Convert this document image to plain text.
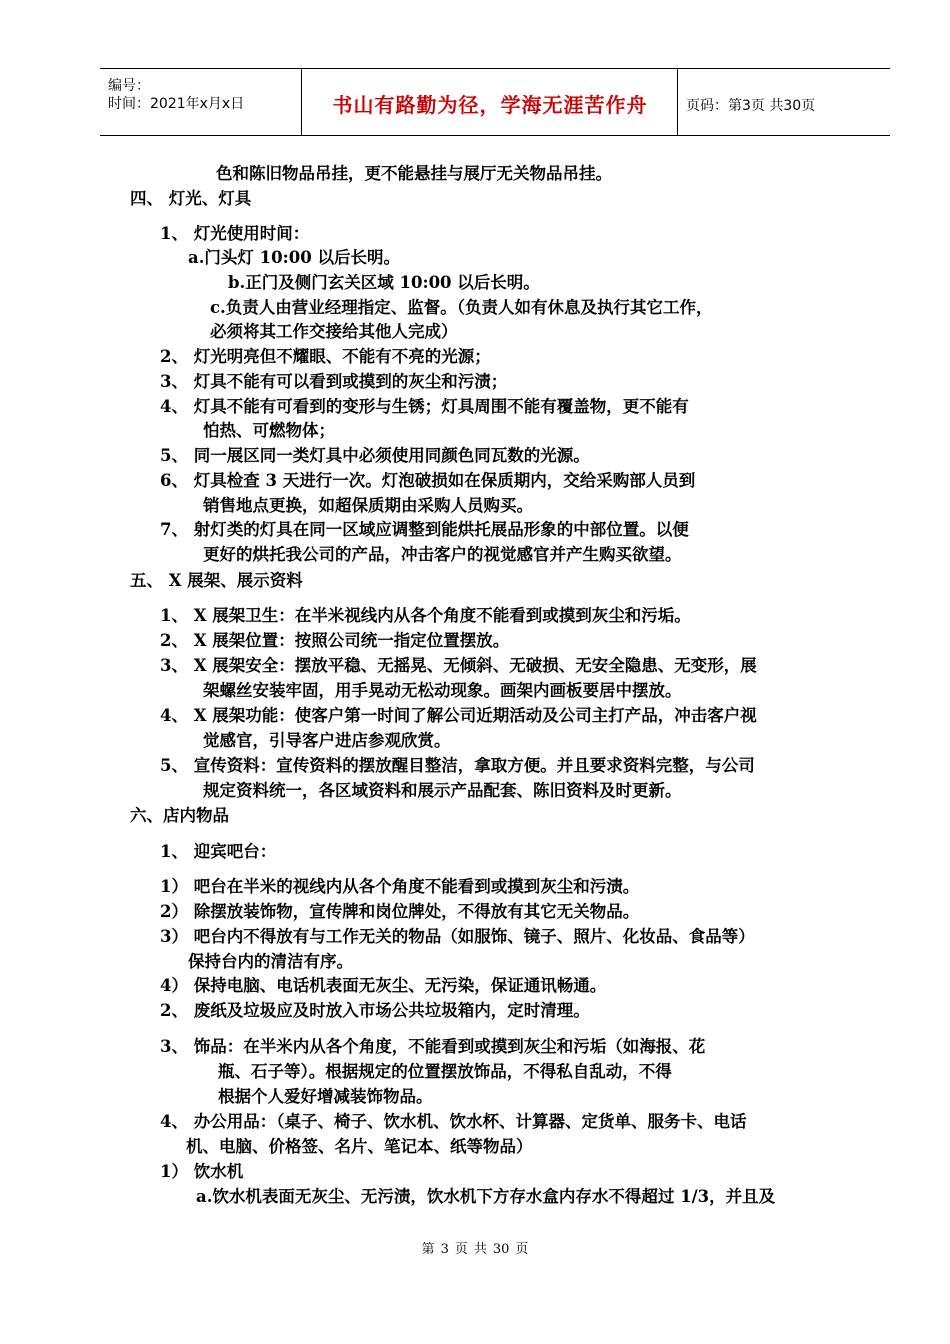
编号：
时间：2021年x月x日	书山有路勤为径，学海无涯苦作舟	页码：第3页 共30页
色和陈旧物品吊挂，更不能悬挂与展厅无关物品吊挂。
四、 灯光、灯具
1、 灯光使用时间：
a.门头灯 10:00 以后长明。
b.正门及侧门玄关区域 10:00 以后长明。
c.负责人由营业经理指定、监督。（负责人如有休息及执行其它工作，
必须将其工作交接给其他人完成）
2、 灯光明亮但不耀眼、不能有不亮的光源；
3、 灯具不能有可以看到或摸到的灰尘和污渍；
4、 灯具不能有可看到的变形与生锈；灯具周围不能有覆盖物，更不能有
怕热、可燃物体；
5、 同一展区同一类灯具中必须使用同颜色同瓦数的光源。
6、 灯具检查 3 天进行一次。灯泡破损如在保质期内，交给采购部人员到
销售地点更换，如超保质期由采购人员购买。
7、 射灯类的灯具在同一区域应调整到能烘托展品形象的中部位置。以便
更好的烘托我公司的产品，冲击客户的视觉感官并产生购买欲望。
五、 X 展架、展示资料
1、 X 展架卫生：在半米视线内从各个角度不能看到或摸到灰尘和污垢。
2、 X 展架位置：按照公司统一指定位置摆放。
3、 X 展架安全：摆放平稳、无摇晃、无倾斜、无破损、无安全隐患、无变形，展
架螺丝安装牢固，用手晃动无松动现象。画架内画板要居中摆放。
4、 X 展架功能：使客户第一时间了解公司近期活动及公司主打产品，冲击客户视
觉感官，引导客户进店参观欣赏。
5、 宣传资料：宣传资料的摆放醒目整洁，拿取方便。并且要求资料完整，与公司
规定资料统一，各区域资料和展示产品配套、陈旧资料及时更新。
六、店内物品
1、 迎宾吧台：
1） 吧台在半米的视线内从各个角度不能看到或摸到灰尘和污渍。
2） 除摆放装饰物，宣传牌和岗位牌处，不得放有其它无关物品。
3） 吧台内不得放有与工作无关的物品（如服饰、镜子、照片、化妆品、食品等）
保持台内的清洁有序。
4） 保持电脑、电话机表面无灰尘、无污染，保证通讯畅通。
2、 废纸及垃圾应及时放入市场公共垃圾箱内，定时清理。
3、 饰品：在半米内从各个角度，不能看到或摸到灰尘和污垢（如海报、花
瓶、石子等）。根据规定的位置摆放饰品，不得私自乱动，不得
根据个人爱好增减装饰物品。
4、 办公用品：（桌子、椅子、饮水机、饮水杯、计算器、定货单、服务卡、电话
机、电脑、价格签、名片、笔记本、纸等物品）
1） 饮水机
a.饮水机表面无灰尘、无污渍，饮水机下方存水盒内存水不得超过 1/3，并且及
第 3 页 共 30 页
